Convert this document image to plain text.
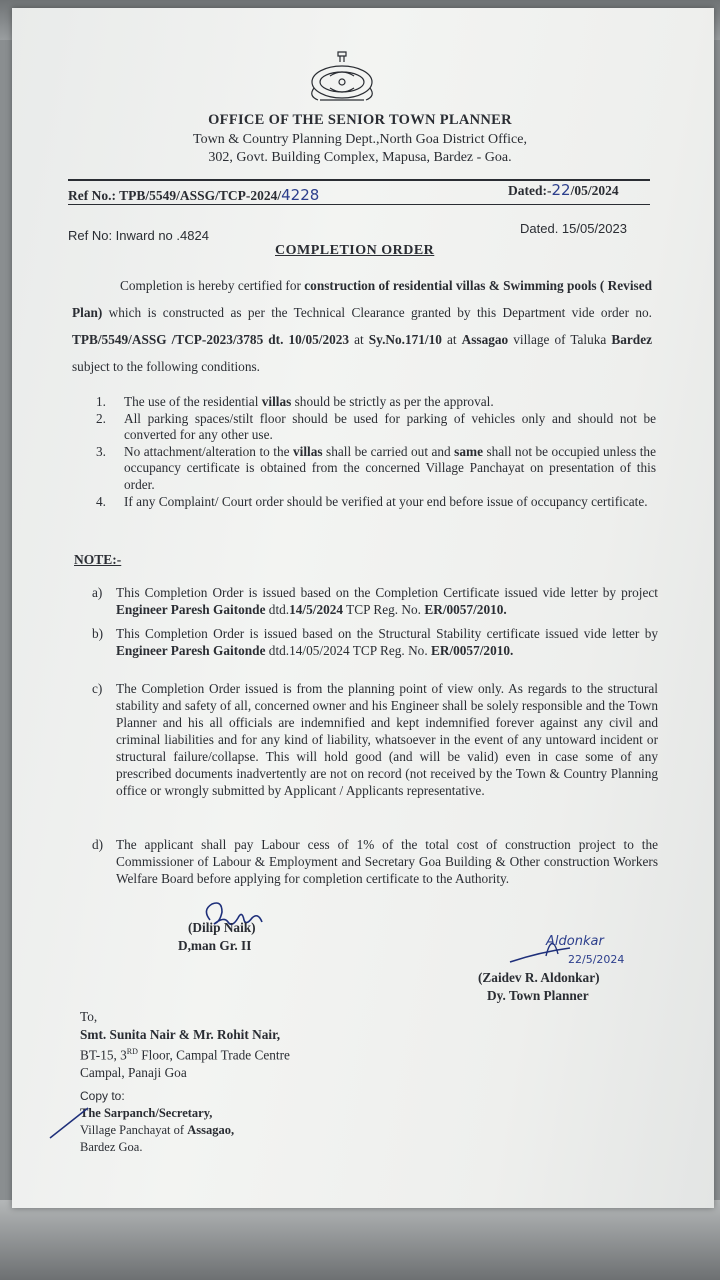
OFFICE OF THE SENIOR TOWN PLANNER
Town & Country Planning Dept.,North Goa District Office,
302, Govt. Building Complex, Mapusa, Bardez - Goa.
Ref No.: TPB/5549/ASSG/TCP-2024/4228	Dated:-22/05/2024
Ref No: Inward no .4824	Dated. 15/05/2023
COMPLETION ORDER
Completion is hereby certified for construction of residential villas & Swimming pools ( Revised Plan) which is constructed as per the Technical Clearance granted by this Department vide order no. TPB/5549/ASSG /TCP-2023/3785 dt. 10/05/2023 at Sy.No.171/10 at Assagao village of Taluka Bardez subject to the following conditions.
1. The use of the residential villas should be strictly as per the approval.
2. All parking spaces/stilt floor should be used for parking of vehicles only and should not be converted for any other use.
3. No attachment/alteration to the villas shall be carried out and same shall not be occupied unless the occupancy certificate is obtained from the concerned Village Panchayat on presentation of this order.
4. If any Complaint/ Court order should be verified at your end before issue of occupancy certificate.
NOTE:-
a)	This Completion Order is issued based on the Completion Certificate issued vide letter by project Engineer Paresh Gaitonde dtd.14/5/2024 TCP Reg. No. ER/0057/2010.
b) This Completion Order is issued based on the Structural Stability certificate issued vide letter by Engineer Paresh Gaitonde dtd.14/05/2024 TCP Reg. No. ER/0057/2010.
c)	The Completion Order issued is from the planning point of view only. As regards to the structural stability and safety of all, concerned owner and his Engineer shall be solely responsible and the Town Planner and his all officials are indemnified and kept indemnified forever against any civil and criminal liabilities and for any kind of liability, whatsoever in the event of any untoward incident or structural failure/collapse. This will hold good (and will be valid) even in case some of any prescribed documents inadvertently are not on record (not received by the Town & Country Planning office or wrongly submitted by Applicant / Applicants representative.
d) The applicant shall pay Labour cess of 1% of the total cost of construction project to the Commissioner of Labour & Employment and Secretary Goa Building & Other construction Workers Welfare Board before applying for completion certificate to the Authority.
(Dilip Naik)
D,man Gr. II	Aldonkar
22/5/2024
(Zaidev R. Aldonkar)
Dy. Town Planner
To,
Smt. Sunita Nair & Mr. Rohit Nair,
BT-15, 3RD Floor, Campal Trade Centre
Campal, Panaji Goa
Copy to:
The Sarpanch/Secretary,
Village Panchayat of Assagao,
Bardez Goa.
